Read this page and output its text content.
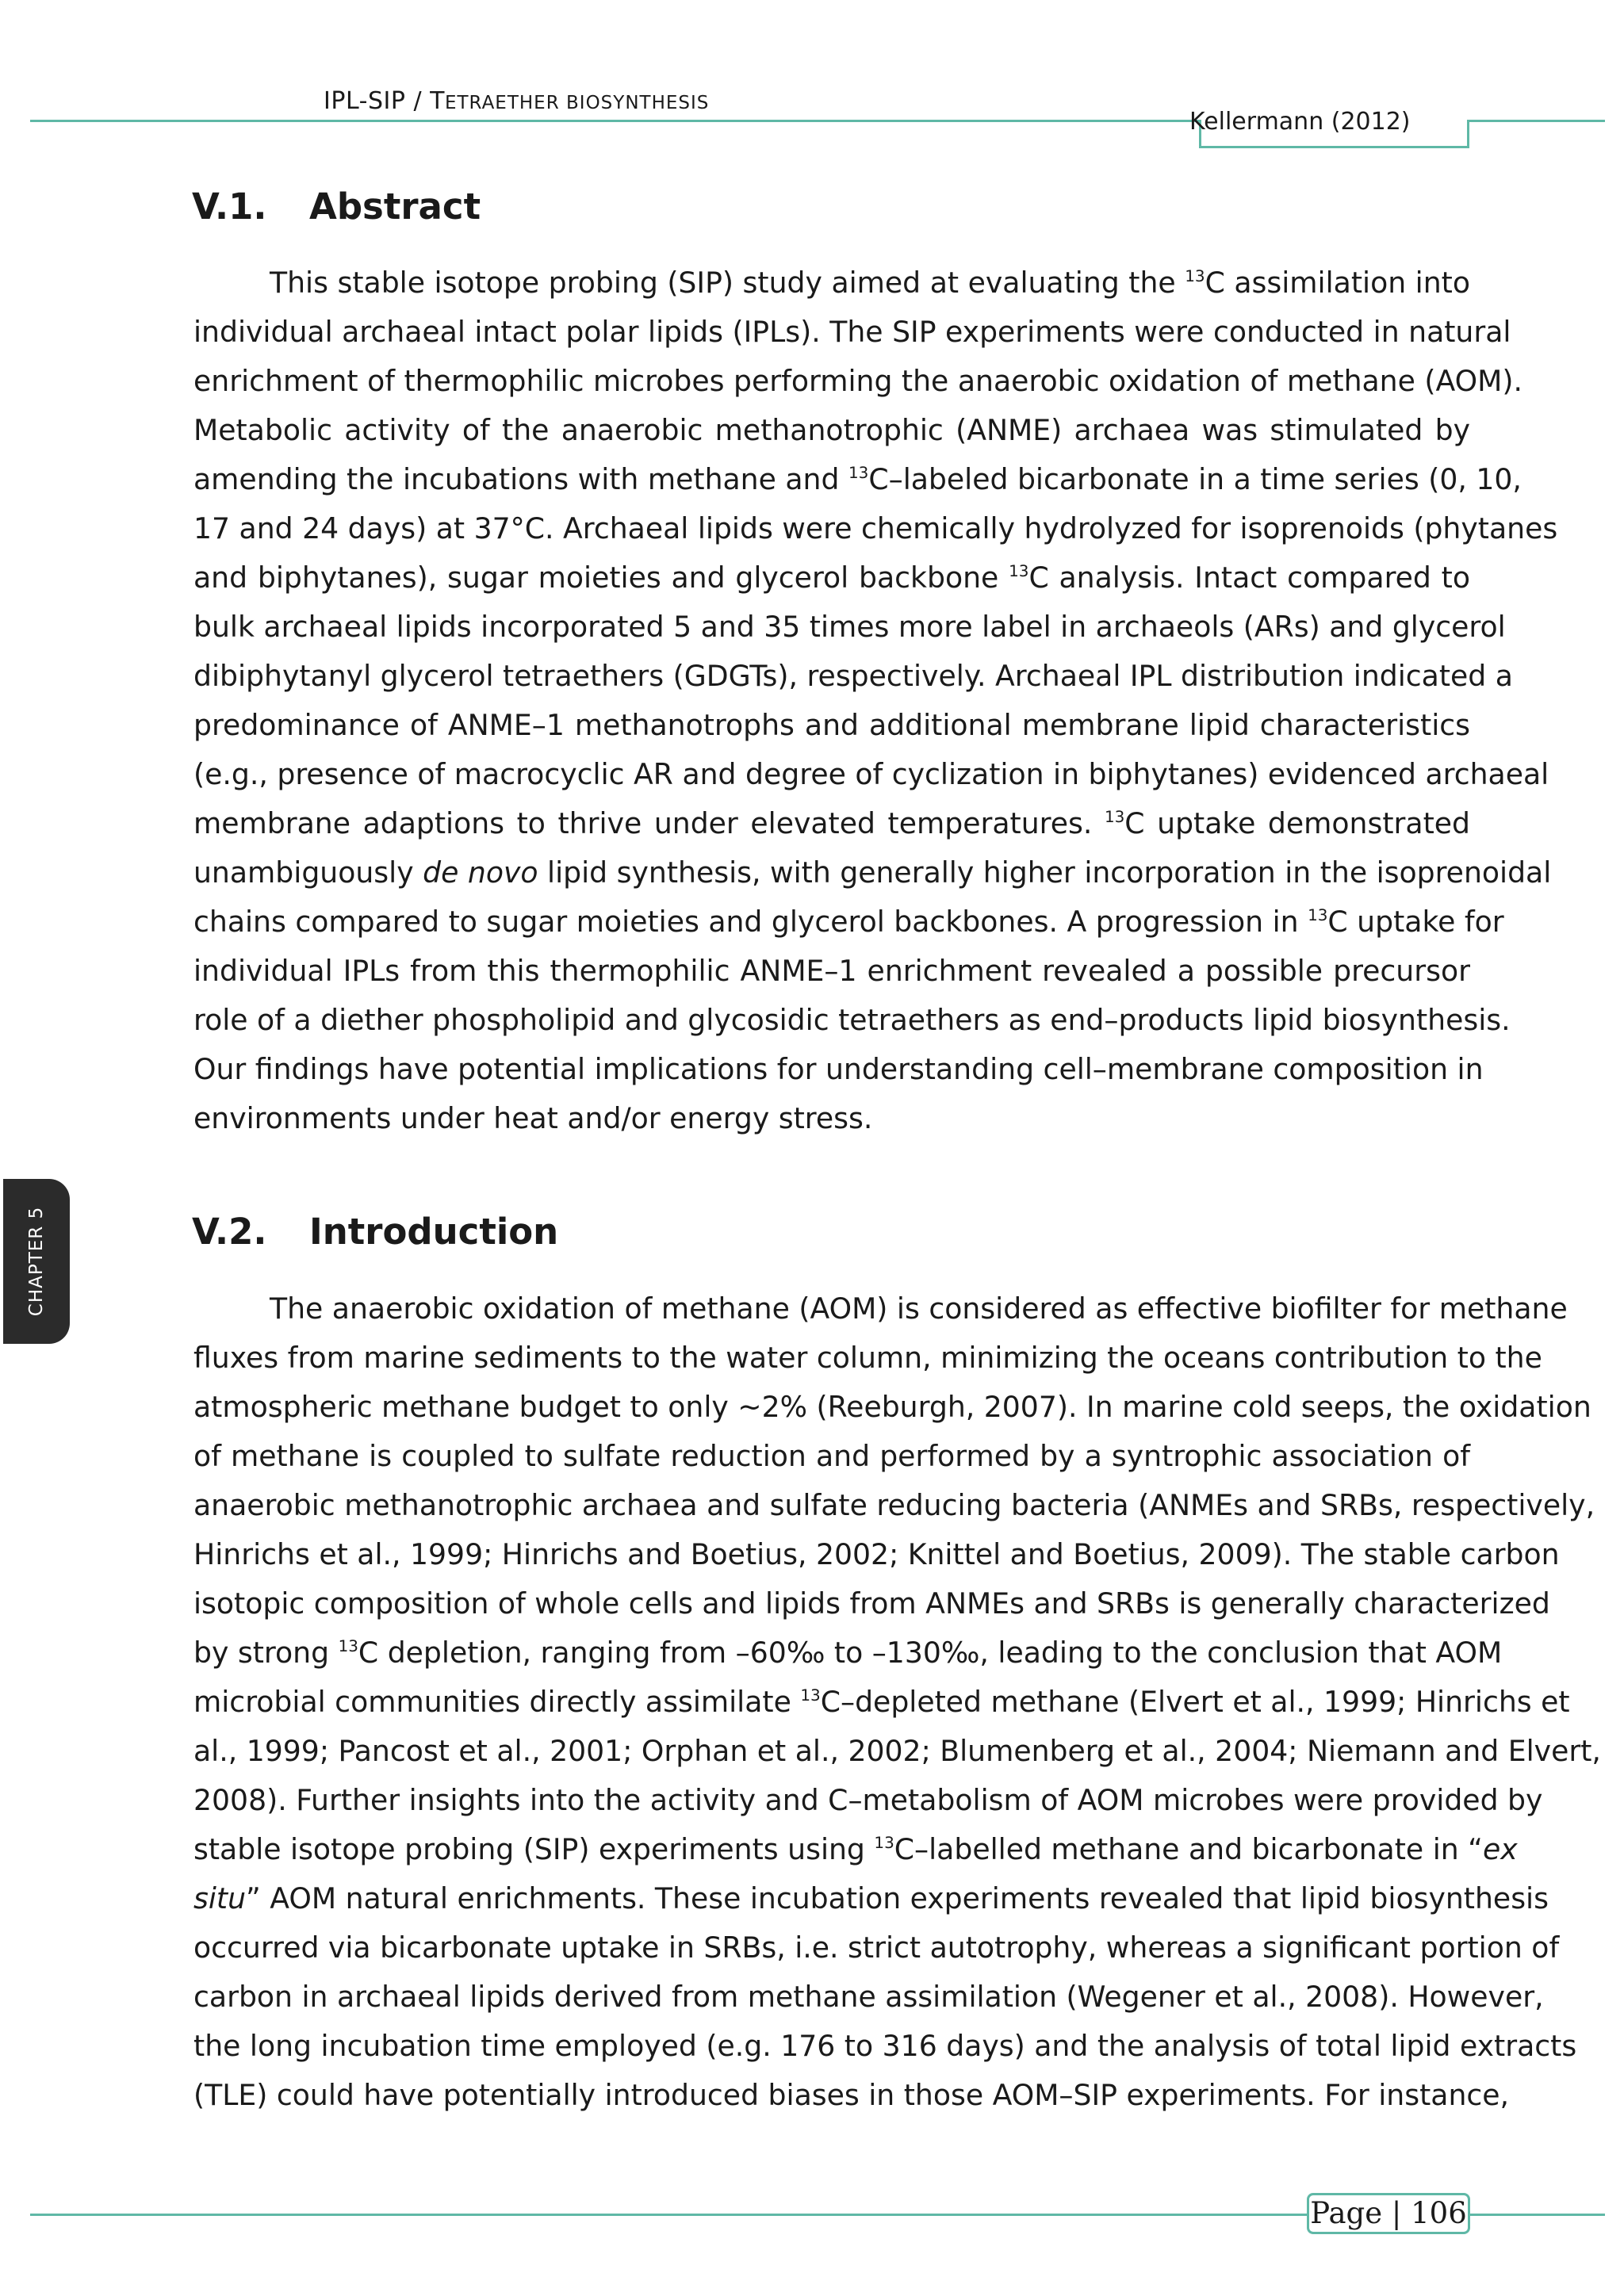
IPL-SIP / TETRAETHER BIOSYNTHESIS
Kellermann (2012)
CHAPTER 5
V.1. Abstract
This stable isotope probing (SIP) study aimed at evaluating the $^{13}$C assimilation into
individual archaeal intact polar lipids (IPLs). The SIP experiments were conducted in natural
enrichment of thermophilic microbes performing the anaerobic oxidation of methane (AOM).
Metabolic activity of the anaerobic methanotrophic (ANME) archaea was stimulated by
amending the incubations with methane and $^{13}$C–labeled bicarbonate in a time series (0, 10,
17 and 24 days) at 37°C. Archaeal lipids were chemically hydrolyzed for isoprenoids (phytanes
and biphytanes), sugar moieties and glycerol backbone $^{13}$C analysis. Intact compared to
bulk archaeal lipids incorporated 5 and 35 times more label in archaeols (ARs) and glycerol
dibiphytanyl glycerol tetraethers (GDGTs), respectively. Archaeal IPL distribution indicated a
predominance of ANME–1 methanotrophs and additional membrane lipid characteristics
(e.g., presence of macrocyclic AR and degree of cyclization in biphytanes) evidenced archaeal
membrane adaptions to thrive under elevated temperatures. $^{13}$C uptake demonstrated
unambiguously de novo lipid synthesis, with generally higher incorporation in the isoprenoidal
chains compared to sugar moieties and glycerol backbones. A progression in $^{13}$C uptake for
individual IPLs from this thermophilic ANME–1 enrichment revealed a possible precursor
role of a diether phospholipid and glycosidic tetraethers as end–products lipid biosynthesis.
Our findings have potential implications for understanding cell–membrane composition in
environments under heat and/or energy stress.
V.2. Introduction
The anaerobic oxidation of methane (AOM) is considered as effective biofilter for methane
fluxes from marine sediments to the water column, minimizing the oceans contribution to the
atmospheric methane budget to only ~2% (Reeburgh, 2007). In marine cold seeps, the oxidation
of methane is coupled to sulfate reduction and performed by a syntrophic association of
anaerobic methanotrophic archaea and sulfate reducing bacteria (ANMEs and SRBs, respectively,
Hinrichs et al., 1999; Hinrichs and Boetius, 2002; Knittel and Boetius, 2009). The stable carbon
isotopic composition of whole cells and lipids from ANMEs and SRBs is generally characterized
by strong $^{13}$C depletion, ranging from –60‰ to –130‰, leading to the conclusion that AOM
microbial communities directly assimilate $^{13}$C–depleted methane (Elvert et al., 1999; Hinrichs et
al., 1999; Pancost et al., 2001; Orphan et al., 2002; Blumenberg et al., 2004; Niemann and Elvert,
2008). Further insights into the activity and C–metabolism of AOM microbes were provided by
stable isotope probing (SIP) experiments using $^{13}$C–labelled methane and bicarbonate in “ex
situ” AOM natural enrichments. These incubation experiments revealed that lipid biosynthesis
occurred via bicarbonate uptake in SRBs, i.e. strict autotrophy, whereas a significant portion of
carbon in archaeal lipids derived from methane assimilation (Wegener et al., 2008). However,
the long incubation time employed (e.g. 176 to 316 days) and the analysis of total lipid extracts
(TLE) could have potentially introduced biases in those AOM–SIP experiments. For instance,
Page | 106
